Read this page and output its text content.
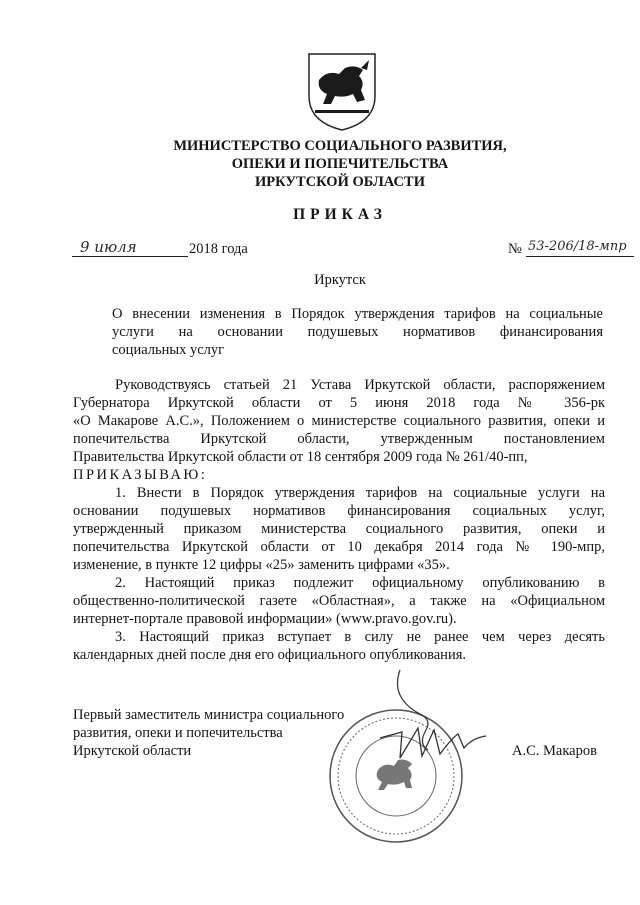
МИНИСТЕРСТВО СОЦИАЛЬНОГО РАЗВИТИЯ,
ОПЕКИ И ПОПЕЧИТЕЛЬСТВА
ИРКУТСКОЙ ОБЛАСТИ
ПРИКАЗ
9 июля	2018 года	№ 53-206/18-мпр
Иркутск
О внесении изменения в Порядок утверждения тарифов на социальные
услуги на основании подушевых нормативов финансирования
социальных услуг
Руководствуясь статьей 21 Устава Иркутской области, распоряжением
Губернатора Иркутской области от 5 июня 2018 года № 356-рк
«О Макарове А.С.», Положением о министерстве социального развития, опеки и
попечительства Иркутской области, утвержденным постановлением
Правительства Иркутской области от 18 сентября 2009 года № 261/40-пп,
ПРИКАЗЫВАЮ:
1. Внести в Порядок утверждения тарифов на социальные услуги на
основании подушевых нормативов финансирования социальных услуг,
утвержденный приказом министерства социального развития, опеки и
попечительства Иркутской области от 10 декабря 2014 года № 190-мпр,
изменение, в пункте 12 цифры «25» заменить цифрами «35».
2. Настоящий приказ подлежит официальному опубликованию в
общественно-политической газете «Областная», а также на «Официальном
интернет-портале правовой информации» (www.pravo.gov.ru).
3. Настоящий приказ вступает в силу не ранее чем через десять
календарных дней после дня его официального опубликования.
Первый заместитель министра социального
развития, опеки и попечительства
Иркутской области	А.С. Макаров
